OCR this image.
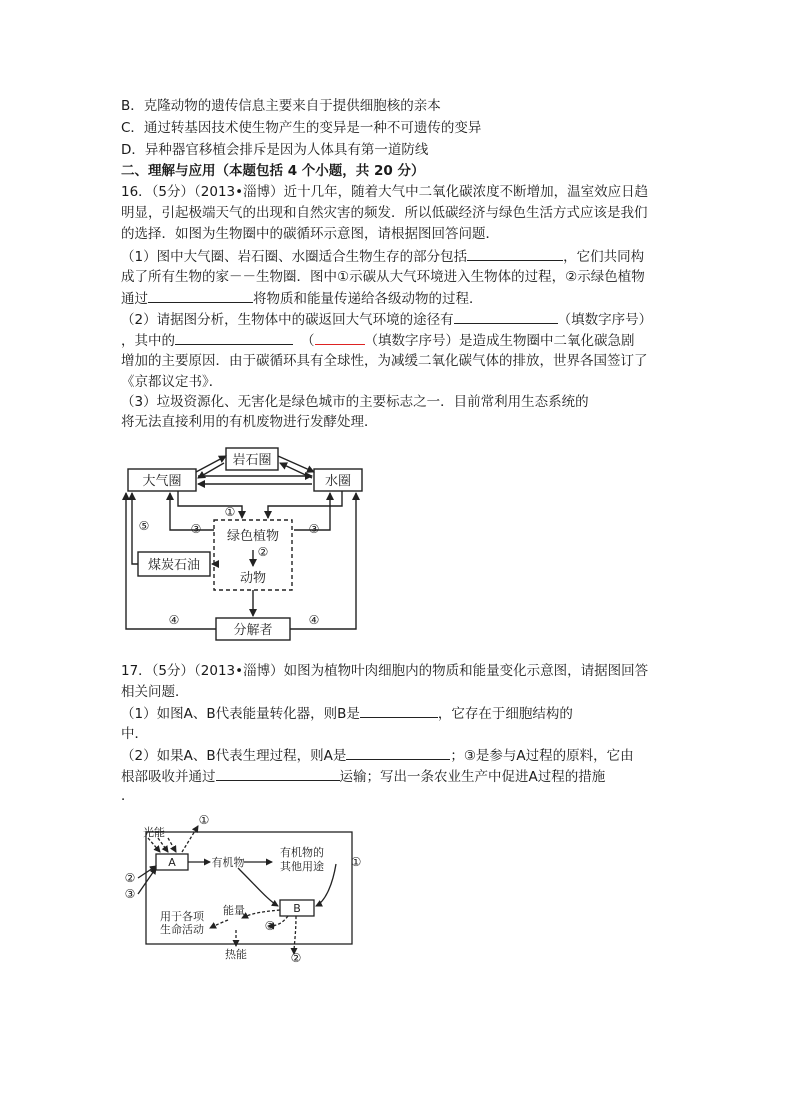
B．克隆动物的遗传信息主要来自于提供细胞核的亲本
C．通过转基因技术使生物产生的变异是一种不可遗传的变异
D．异种器官移植会排斥是因为人体具有第一道防线
二、理解与应用（本题包括 4 个小题，共 20 分）
16．（5分）（2013•淄博）近十几年，随着大气中二氧化碳浓度不断增加，温室效应日趋
明显，引起极端天气的出现和自然灾害的频发．所以低碳经济与绿色生活方式应该是我们
的选择．如图为生物圈中的碳循环示意图，请根据图回答问题．
（1）图中大气圈、岩石圈、水圈适合生物生存的部分包括	，它们共同构
成了所有生物的家－－生物圈．图中①示碳从大气环境进入生物体的过程，②示绿色植物
通过	将物质和能量传递给各级动物的过程．
（2）请据图分析，生物体中的碳返回大气环境的途径有	（填数字序号）
，其中的	（	（填数字序号）是造成生物圈中二氧化碳急剧
增加的主要原因．由于碳循环具有全球性，为减缓二氧化碳气体的排放，世界各国签订了
《京都议定书》．
（3）垃圾资源化、无害化是绿色城市的主要标志之一．目前常利用生态系统的
将无法直接利用的有机废物进行发酵处理．
岩石圈
大气圈	水圈
绿色植物
动物
煤炭石油
分解者
①
②
③	③
④	④
⑤
17．（5分）（2013•淄博）如图为植物叶肉细胞内的物质和能量变化示意图，请据图回答
相关问题．
（1）如图A、B代表能量转化器，则B是	，它存在于细胞结构的
中．
（2）如果A、B代表生理过程，则A是	；③是参与A过程的原料，它由
根部吸收并通过	运输；写出一条农业生产中促进A过程的措施
．
光能
A
B
有机物
有机物的
其他用途
用于各项
生命活动
能量
热能
①
①
②
②
③
③
